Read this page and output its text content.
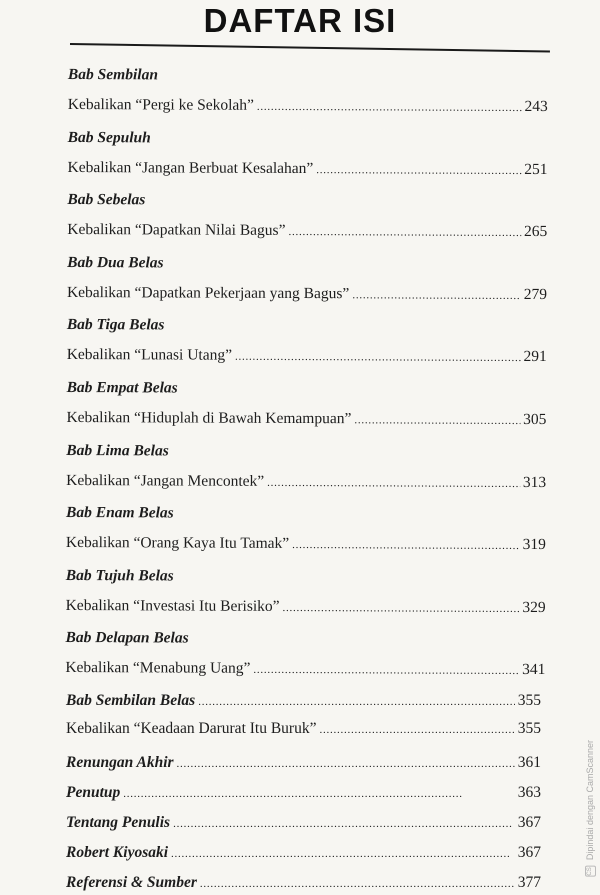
DAFTAR ISI
Bab Sembilan
Kebalikan “Pergi ke Sekolah” . . .	243
Bab Sepuluh
Kebalikan “Jangan Berbuat Kesalahan” . . .	251
Bab Sebelas
Kebalikan “Dapatkan Nilai Bagus” . . .	265
Bab Dua Belas
Kebalikan “Dapatkan Pekerjaan yang Bagus” . . .	279
Bab Tiga Belas
Kebalikan “Lunasi Utang” . . .	291
Bab Empat Belas
Kebalikan “Hiduplah di Bawah Kemampuan” . . .	305
Bab Lima Belas
Kebalikan “Jangan Mencontek” . . .	313
Bab Enam Belas
Kebalikan “Orang Kaya Itu Tamak” . . .	319
Bab Tujuh Belas
Kebalikan “Investasi Itu Berisiko” . . .	329
Bab Delapan Belas
Kebalikan “Menabung Uang” . . .	341
Bab Sembilan Belas . . .	355
Kebalikan “Keadaan Darurat Itu Buruk” . . .	355
Renungan Akhir . . .	361
Penutup . . .	363
Tentang Penulis . . .	367
Robert Kiyosaki . . .	367
Referensi & Sumber . . .	377
CS Dipindai dengan CamScanner
